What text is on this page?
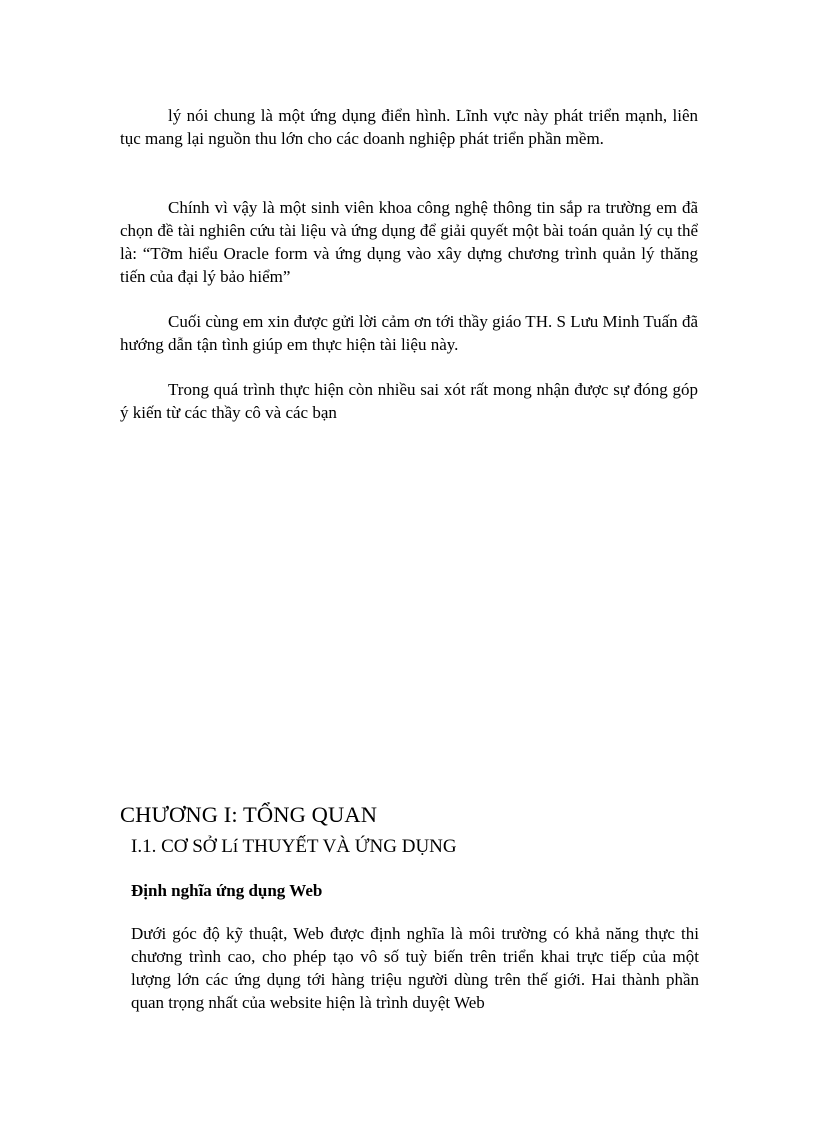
lý nói chung là một ứng dụng điển hình. Lĩnh vực này phát triển mạnh, liên tục mang lại nguồn thu lớn cho các doanh nghiệp phát triển phần mềm.

Chính vì vậy là một sinh viên khoa công nghệ thông tin sắp ra trường em đã chọn đề tài nghiên cứu tài liệu và ứng dụng để giải quyết một bài toán quản lý cụ thể là: “Tỡm hiểu Oracle form và ứng dụng vào xây dựng chương trình quản lý thăng tiến của đại lý bảo hiểm”

Cuối cùng em xin được gửi lời cảm ơn tới thầy giáo TH. S Lưu Minh Tuấn đã hướng dẫn tận tình giúp em thực hiện tài liệu này.

Trong quá trình thực hiện còn nhiều sai xót rất mong nhận được sự đóng góp ý kiến từ các thầy cô và các bạn

CHƯƠNG I: TỔNG QUAN
I.1. CƠ SỞ Lí THUYẾT VÀ ỨNG DỤNG
Định nghĩa ứng dụng Web

Dưới góc độ kỹ thuật, Web được định nghĩa là môi trường có khả năng thực thi chương trình cao, cho phép tạo vô số tuỳ biến trên triển khai trực tiếp của một lượng lớn các ứng dụng tới hàng triệu người dùng trên thế giới. Hai thành phần quan trọng nhất của website hiện là trình duyệt Web
